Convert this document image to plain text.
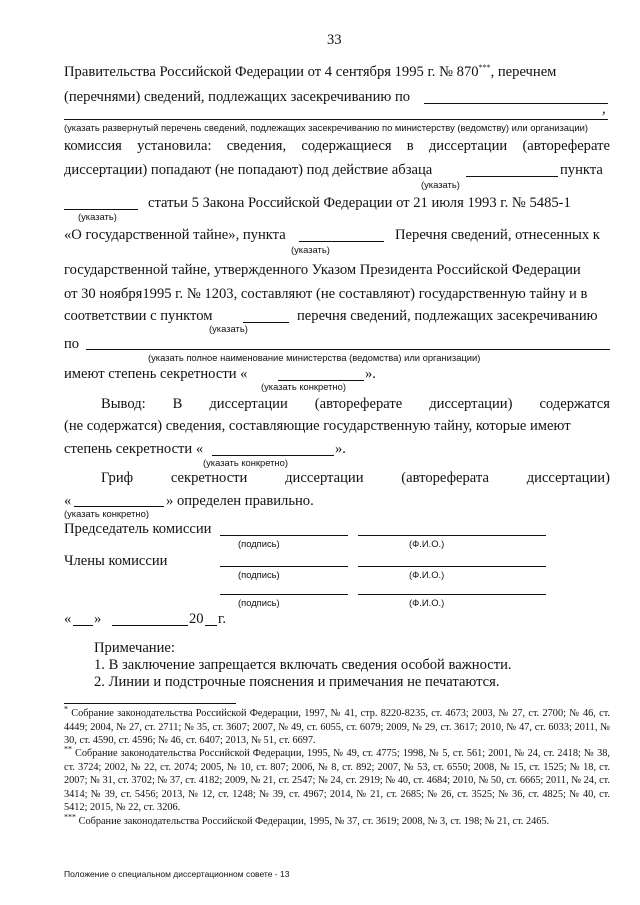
33
Правительства Российской Федерации от 4 сентября 1995 г. № 870***, перечнем
(перечнями) сведений, подлежащих засекречиванию по
,
(указать развернутый перечень сведений, подлежащих засекречиванию по министерству (ведомству) или организации)
комиссия установила: сведения, содержащиеся в диссертации (автореферате
диссертации) попадают (не попадают) под действие абзаца	пункта
(указать)
статьи 5 Закона Российской Федерации от 21 июля 1993 г. № 5485-1
(указать)
«О государственной тайне», пункта	Перечня сведений, отнесенных к
(указать)
государственной тайне, утвержденного Указом Президента Российской Федерации
от 30 ноября1995 г. № 1203, составляют (не составляют) государственную тайну и в
соответствии с пунктом	перечня сведений, подлежащих засекречиванию
(указать)
по
(указать полное наименование министерства (ведомства) или организации)
имеют степень секретности «	».
(указать конкретно)
Вывод: В диссертации (автореферате диссертации) содержатся
(не содержатся) сведения, составляющие государственную тайну, которые имеют
степень секретности «	».
(указать конкретно)
Гриф	секретности	диссертации	(автореферата	диссертации)
«	» определен правильно.
(указать конкретно)
Председатель комиссии
(подпись)	(Ф.И.О.)
Члены комиссии
(подпись)	(Ф.И.О.)
(подпись)	(Ф.И.О.)
« »	20 г.
Примечание:
1. В заключение запрещается включать сведения особой важности.
2. Линии и подстрочные пояснения и примечания не печатаются.
* Собрание законодательства Российской Федерации, 1997, № 41, стр. 8220-8235, ст. 4673; 2003, № 27, ст. 2700; № 46, ст. 4449; 2004, № 27, ст. 2711; № 35, ст. 3607; 2007, № 49, ст. 6055, ст. 6079; 2009, № 29, ст. 3617; 2010, № 47, ст. 6033; 2011, № 30, ст. 4590, ст. 4596; № 46, ст. 6407; 2013, № 51, ст. 6697.
** Собрание законодательства Российской Федерации, 1995, № 49, ст. 4775; 1998, № 5, ст. 561; 2001, № 24, ст. 2418; № 38, ст. 3724; 2002, № 22, ст. 2074; 2005, № 10, ст. 807; 2006, № 8, ст. 892; 2007, № 53, ст. 6550; 2008, № 15, ст. 1525; № 18, ст. 2007; № 31, ст. 3702; № 37, ст. 4182; 2009, № 21, ст. 2547; № 24, ст. 2919; № 40, ст. 4684; 2010, № 50, ст. 6665; 2011, № 24, ст. 3414; № 39, ст. 5456; 2013, № 12, ст. 1248; № 39, ст. 4967; 2014, № 21, ст. 2685; № 26, ст. 3525; № 36, ст. 4825; № 40, ст. 5412; 2015, № 22, ст. 3206.
*** Собрание законодательства Российской Федерации, 1995, № 37, ст. 3619; 2008, № 3, ст. 198; № 21, ст. 2465.
Положение о специальном диссертационном совете - 13
